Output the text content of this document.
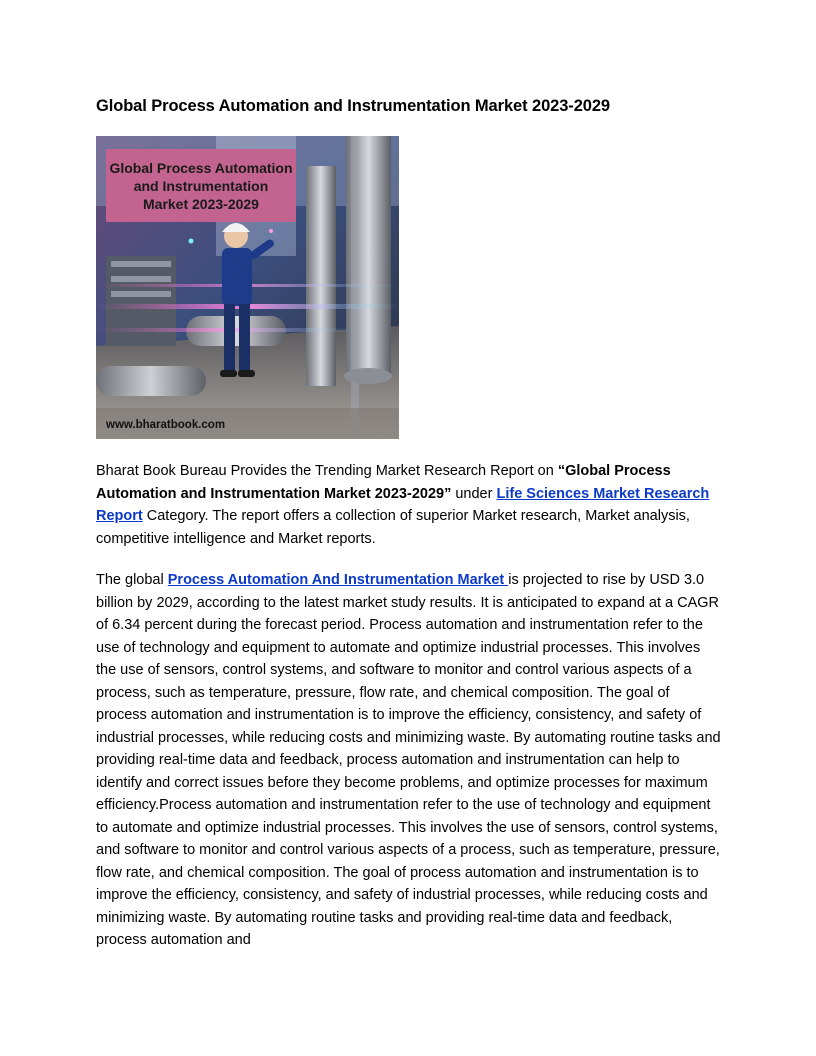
Global Process Automation and Instrumentation Market 2023-2029
Global Process Automation
and Instrumentation
Market 2023-2029
www.bharatbook.com

Bharat Book Bureau Provides the Trending Market Research Report on “Global Process Automation and Instrumentation Market 2023-2029” under Life Sciences Market Research Report Category. The report offers a collection of superior Market research, Market analysis, competitive intelligence and Market reports.

The global Process Automation And Instrumentation Market is projected to rise by USD 3.0 billion by 2029, according to the latest market study results. It is anticipated to expand at a CAGR of 6.34 percent during the forecast period. Process automation and instrumentation refer to the use of technology and equipment to automate and optimize industrial processes. This involves the use of sensors, control systems, and software to monitor and control various aspects of a process, such as temperature, pressure, flow rate, and chemical composition. The goal of process automation and instrumentation is to improve the efficiency, consistency, and safety of industrial processes, while reducing costs and minimizing waste. By automating routine tasks and providing real-time data and feedback, process automation and instrumentation can help to identify and correct issues before they become problems, and optimize processes for maximum efficiency.Process automation and instrumentation refer to the use of technology and equipment to automate and optimize industrial processes. This involves the use of sensors, control systems, and software to monitor and control various aspects of a process, such as temperature, pressure, flow rate, and chemical composition. The goal of process automation and instrumentation is to improve the efficiency, consistency, and safety of industrial processes, while reducing costs and minimizing waste. By automating routine tasks and providing real-time data and feedback, process automation and
